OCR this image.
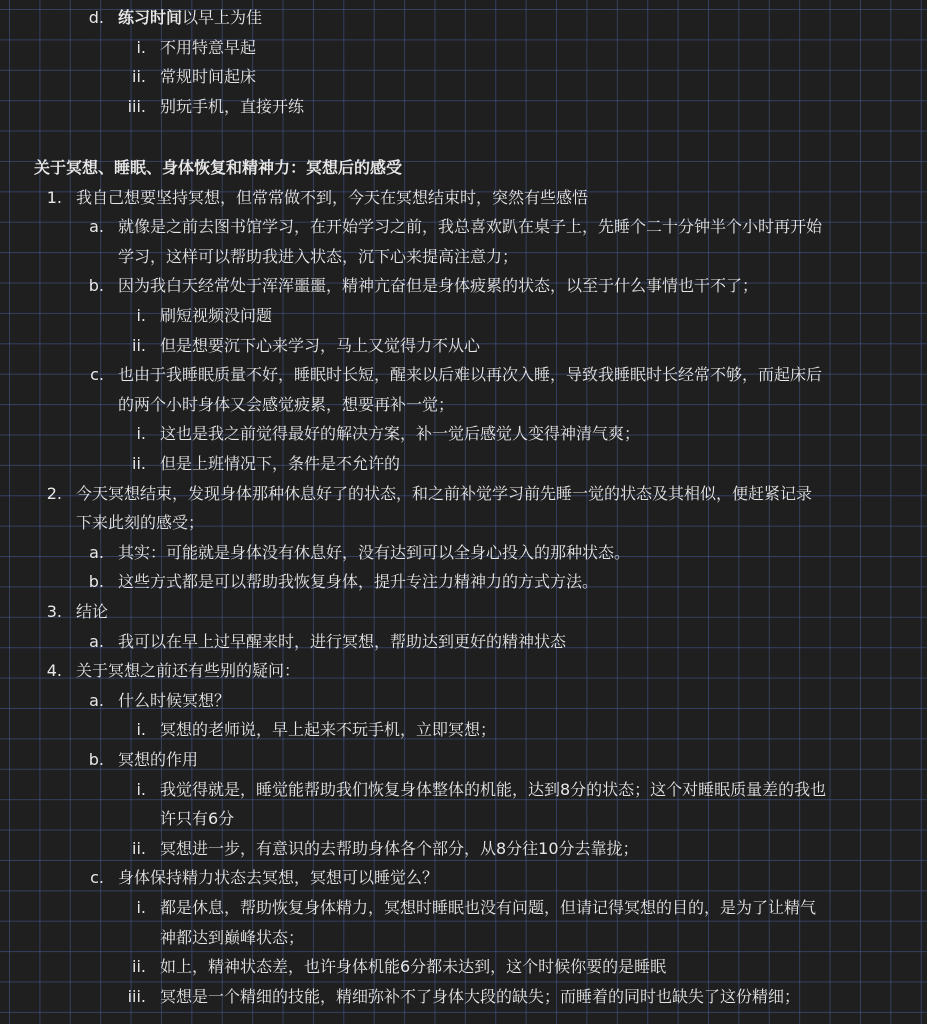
d. 练习时间以早上为佳
i. 不用特意早起
ii. 常规时间起床
iii. 别玩手机，直接开练
关于冥想、睡眠、身体恢复和精神力：冥想后的感受
1. 我自己想要坚持冥想，但常常做不到，今天在冥想结束时，突然有些感悟
a. 就像是之前去图书馆学习，在开始学习之前，我总喜欢趴在桌子上，先睡个二十分钟半个小时再开始
学习，这样可以帮助我进入状态，沉下心来提高注意力；
b. 因为我白天经常处于浑浑噩噩，精神亢奋但是身体疲累的状态，以至于什么事情也干不了；
i. 刷短视频没问题
ii. 但是想要沉下心来学习，马上又觉得力不从心
c. 也由于我睡眠质量不好，睡眠时长短，醒来以后难以再次入睡，导致我睡眠时长经常不够，而起床后
的两个小时身体又会感觉疲累，想要再补一觉；
i. 这也是我之前觉得最好的解决方案，补一觉后感觉人变得神清气爽；
ii. 但是上班情况下，条件是不允许的
2. 今天冥想结束，发现身体那种休息好了的状态，和之前补觉学习前先睡一觉的状态及其相似，便赶紧记录
下来此刻的感受；
a. 其实：可能就是身体没有休息好，没有达到可以全身心投入的那种状态。
b. 这些方式都是可以帮助我恢复身体，提升专注力精神力的方式方法。
3. 结论
a. 我可以在早上过早醒来时，进行冥想，帮助达到更好的精神状态
4. 关于冥想之前还有些别的疑问：
a. 什么时候冥想？
i. 冥想的老师说，早上起来不玩手机，立即冥想；
b. 冥想的作用
i. 我觉得就是，睡觉能帮助我们恢复身体整体的机能，达到8分的状态；这个对睡眠质量差的我也
许只有6分
ii. 冥想进一步，有意识的去帮助身体各个部分，从8分往10分去靠拢；
c. 身体保持精力状态去冥想，冥想可以睡觉么？
i. 都是休息，帮助恢复身体精力，冥想时睡眠也没有问题，但请记得冥想的目的，是为了让精气
神都达到巅峰状态；
ii. 如上，精神状态差，也许身体机能6分都未达到，这个时候你要的是睡眠
iii. 冥想是一个精细的技能，精细弥补不了身体大段的缺失；而睡着的同时也缺失了这份精细；
